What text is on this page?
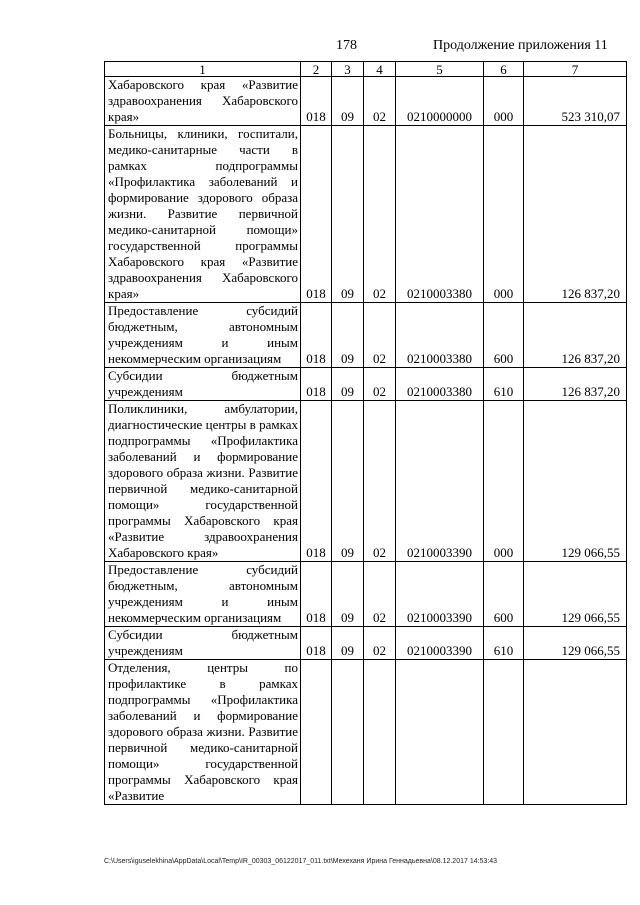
178	Продолжение приложения 11
1	2	3	4	5	6	7
Хабаровского края «Развитие здравоохранения Хабаровского края»	018	09	02	0210000000	000	523 310,07
Больницы, клиники, госпитали, медико-санитарные части в рамках подпрограммы «Профилактика заболеваний и формирование здорового образа жизни. Развитие первичной медико-санитарной помощи» государственной программы Хабаровского края «Развитие здравоохранения Хабаровского края»	018	09	02	0210003380	000	126 837,20
Предоставление субсидий бюджетным, автономным учреждениям и иным некоммерческим организациям	018	09	02	0210003380	600	126 837,20
Субсидии бюджетным учреждениям	018	09	02	0210003380	610	126 837,20
Поликлиники, амбулатории, диагностические центры в рамках подпрограммы «Профилактика заболеваний и формирование здорового образа жизни. Развитие первичной медико-санитарной помощи» государственной программы Хабаровского края «Развитие здравоохранения Хабаровского края»	018	09	02	0210003390	000	129 066,55
Предоставление субсидий бюджетным, автономным учреждениям и иным некоммерческим организациям	018	09	02	0210003390	600	129 066,55
Субсидии бюджетным учреждениям	018	09	02	0210003390	610	129 066,55
Отделения, центры по профилактике в рамках подпрограммы «Профилактика заболеваний и формирование здорового образа жизни. Развитие первичной медико-санитарной помощи» государственной программы Хабаровского края «Развитие						
C:\Users\iguselekhina\AppData\Local\Temp\IR_00303_06122017_011.txt\Мехеханя Ирина Геннадьевна\08.12.2017 14:53:43
